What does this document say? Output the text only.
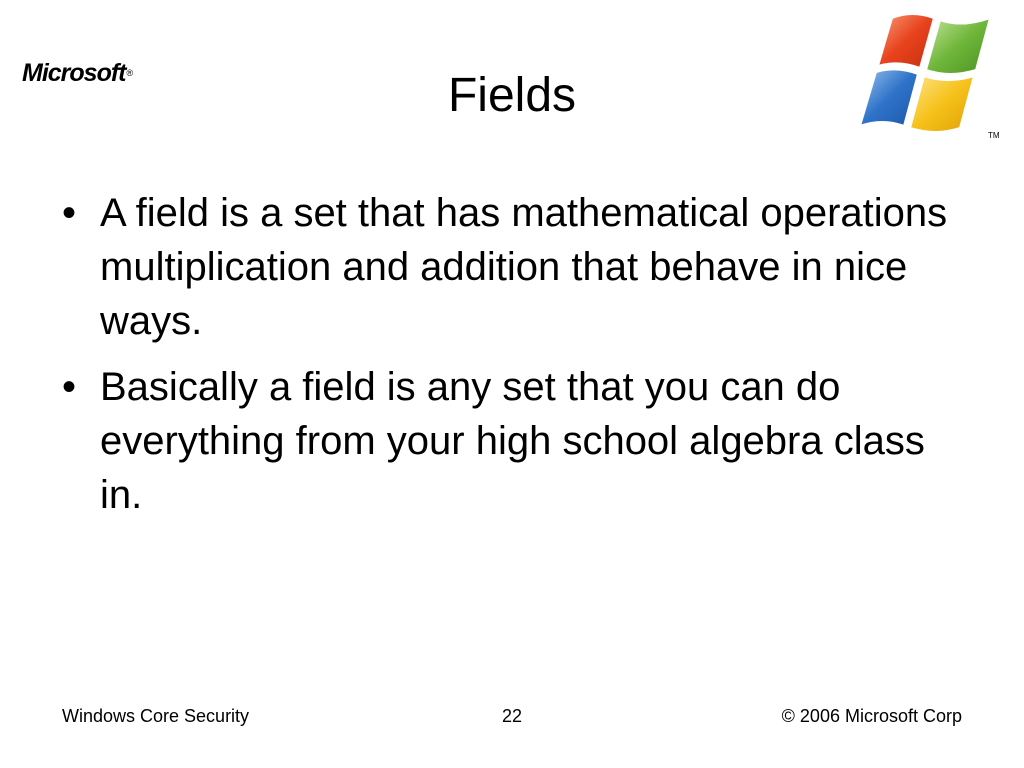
Microsoft®
TM
Fields
• A field is a set that has mathematical operations multiplication and addition that behave in nice ways.
• Basically a field is any set that you can do everything from your high school algebra class in.
Windows Core Security	22	© 2006 Microsoft Corp
